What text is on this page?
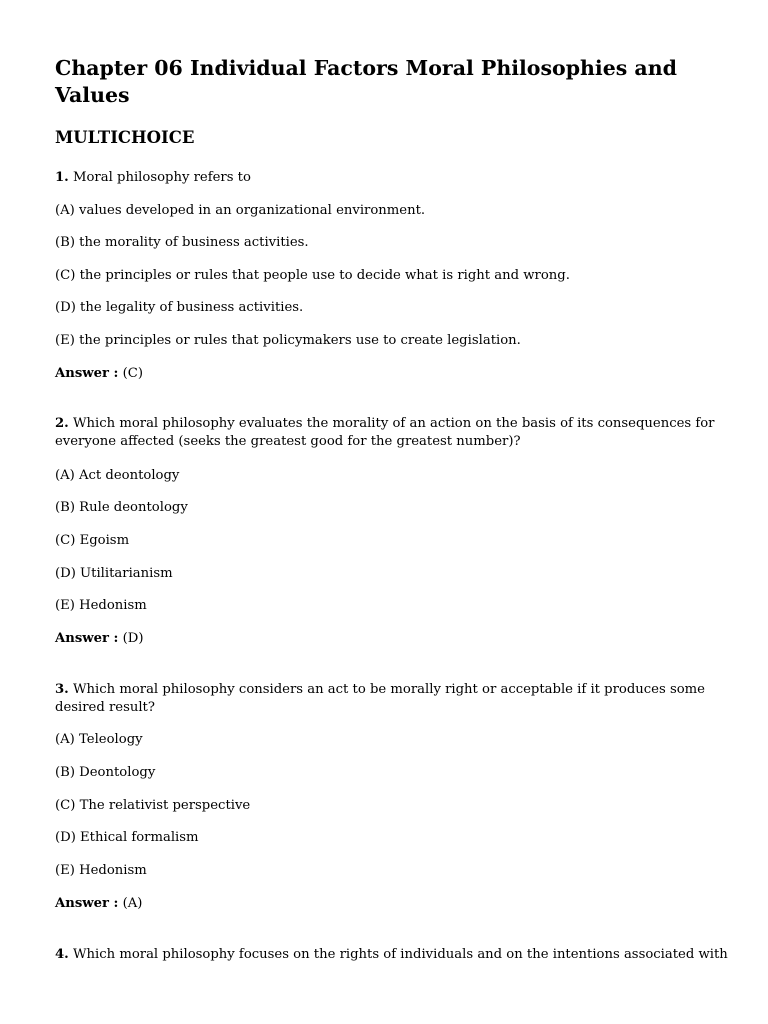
Chapter 06 Individual Factors Moral Philosophies and Values
MULTICHOICE

1. Moral philosophy refers to

(A) values developed in an organizational environment.

(B) the morality of business activities.

(C) the principles or rules that people use to decide what is right and wrong.

(D) the legality of business activities.

(E) the principles or rules that policymakers use to create legislation.

Answer : (C)

2. Which moral philosophy evaluates the morality of an action on the basis of its consequences for everyone affected (seeks the greatest good for the greatest number)?

(A) Act deontology

(B) Rule deontology

(C) Egoism

(D) Utilitarianism

(E) Hedonism

Answer : (D)

3. Which moral philosophy considers an act to be morally right or acceptable if it produces some desired result?

(A) Teleology

(B) Deontology

(C) The relativist perspective

(D) Ethical formalism

(E) Hedonism

Answer : (A)

4. Which moral philosophy focuses on the rights of individuals and on the intentions associated with
